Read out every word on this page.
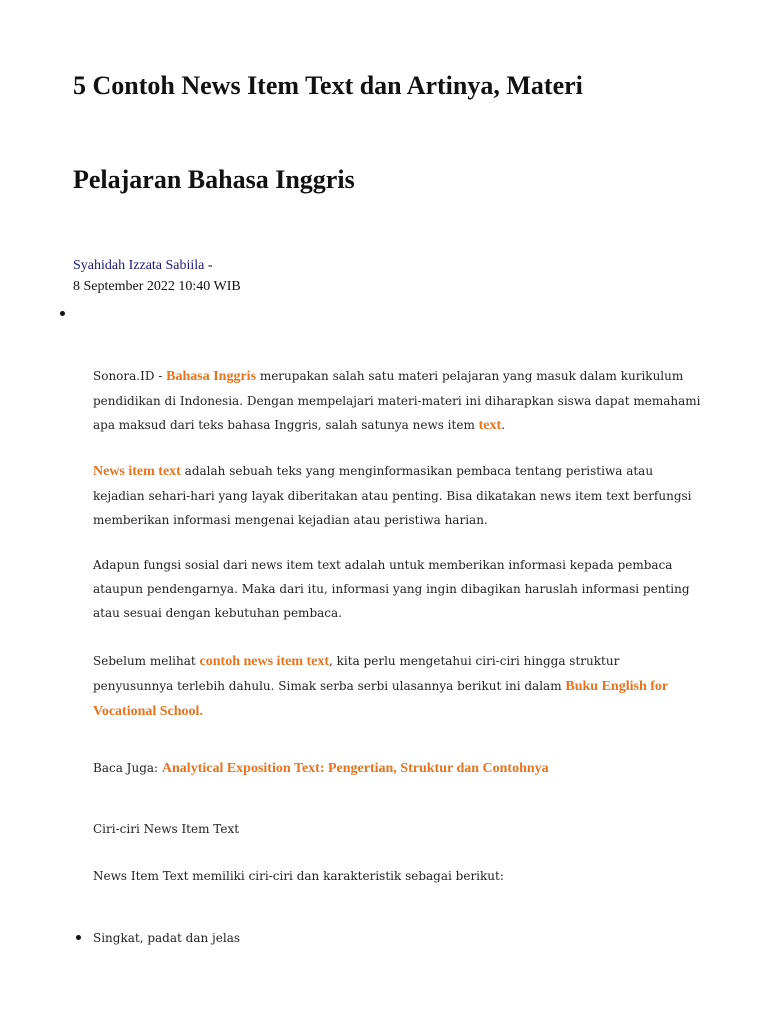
5 Contoh News Item Text dan Artinya, Materi
Pelajaran Bahasa Inggris
Syahidah Izzata Sabiila -
8 September 2022 10:40 WIB

Sonora.ID - Bahasa Inggris merupakan salah satu materi pelajaran yang masuk dalam kurikulum pendidikan di Indonesia. Dengan mempelajari materi-materi ini diharapkan siswa dapat memahami apa maksud dari teks bahasa Inggris, salah satunya news item text.

News item text adalah sebuah teks yang menginformasikan pembaca tentang peristiwa atau kejadian sehari-hari yang layak diberitakan atau penting. Bisa dikatakan news item text berfungsi memberikan informasi mengenai kejadian atau peristiwa harian.

Adapun fungsi sosial dari news item text adalah untuk memberikan informasi kepada pembaca ataupun pendengarnya. Maka dari itu, informasi yang ingin dibagikan haruslah informasi penting atau sesuai dengan kebutuhan pembaca.

Sebelum melihat contoh news item text, kita perlu mengetahui ciri-ciri hingga struktur penyusunnya terlebih dahulu. Simak serba serbi ulasannya berikut ini dalam Buku English for Vocational School.

Baca Juga: Analytical Exposition Text: Pengertian, Struktur dan Contohnya

Ciri-ciri News Item Text

News Item Text memiliki ciri-ciri dan karakteristik sebagai berikut:

Singkat, padat dan jelas
